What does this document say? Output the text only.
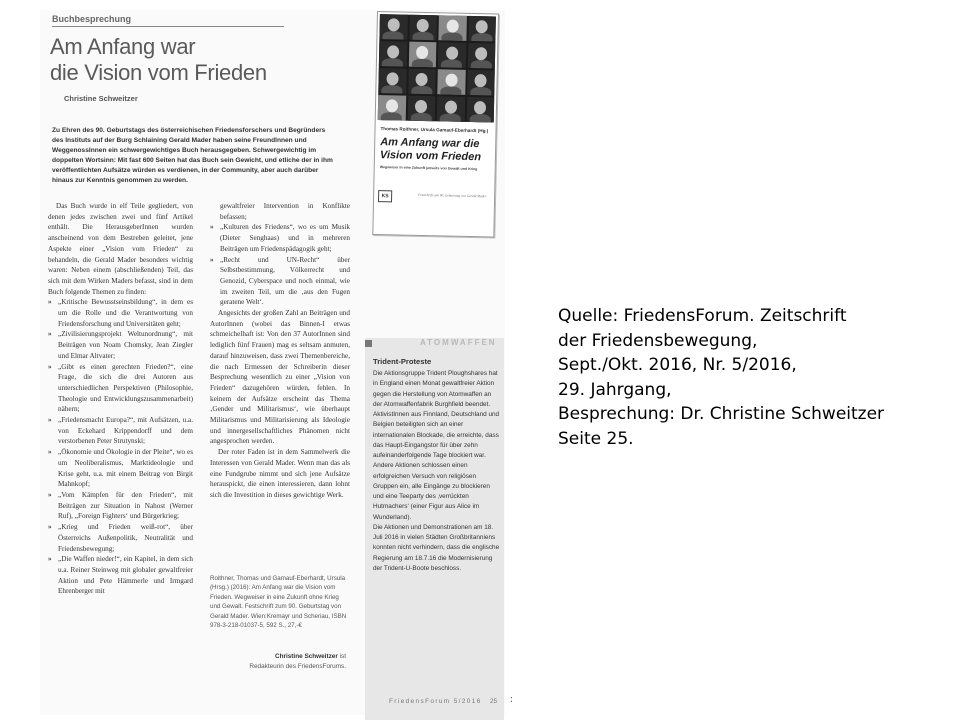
Buchbesprechung
Am Anfang war
die Vision vom Frieden
Christine Schweitzer
Zu Ehren des 90. Geburtstags des österreichischen Friedensforschers und Begründers des Instituts auf der Burg Schlaining Gerald Mader haben seine FreundInnen und WeggenossInnen ein schwergewichtiges Buch herausgegeben. Schwergewichtig im doppelten Wortsinn: Mit fast 600 Seiten hat das Buch sein Gewicht, und etliche der in ihm veröffentlichten Aufsätze würden es verdienen, in der Community, aber auch darüber hinaus zur Kenntnis genommen zu werden.

Das Buch wurde in elf Teile gegliedert, von denen jedes zwischen zwei und fünf Artikel enthält. Die HerausgeberInnen wurden anscheinend von dem Bestreben geleitet, jene Aspekte einer „Vision vom Frieden“ zu behandeln, die Gerald Mader besonders wichtig waren: Neben einem (abschließenden) Teil, das sich mit dem Wirken Maders befasst, sind in dem Buch folgende Themen zu finden:

» „Kritische Bewusstseinsbildung“, in dem es um die Rolle und die Verantwortung von Friedensforschung und Universitäten geht;
» „Zivilisierungsprojekt Weltunordnung“, mit Beiträgen von Noam Chomsky, Jean Ziegler und Elmar Altvater;
» „Gibt es einen gerechten Frieden?“, eine Frage, die sich die drei Autoren aus unterschiedlichen Perspektiven (Philosophie, Theologie und Entwicklungszusammenarbeit) nähern;
» „Friedensmacht Europa?“, mit Aufsätzen, u.a. von Eckehard Krippendorff und dem verstorbenen Peter Strutynski;
» „Ökonomie und Ökologie in der Pleite“, wo es um Neoliberalismus, Marktideologie und Krise geht, u.a. mit einem Beitrag von Birgit Mahnkopf;
» „Vom Kämpfen für den Frieden“, mit Beiträgen zur Situation in Nahost (Werner Ruf), „Foreign Fighters‘ und Bürgerkrieg;
» „Krieg und Frieden weiß-rot“, über Österreichs Außenpolitik, Neutralität und Friedensbewegung;
» „Die Waffen nieder!“, ein Kapitel, in dem sich u.a. Reiner Steinweg mit globaler gewaltfreier Aktion und Pete Hämmerle und Irmgard Ehrenberger mit
gewaltfreier Intervention in Konflikte befassen;
» „Kulturen des Friedens“, wo es um Musik (Dieter Senghaas) und in mehreren Beiträgen um Friedenspädagogik geht;
» „Recht und UN-Recht“ über Selbstbestimmung, Völkerrecht und Genozid, Cyberspace und noch einmal, wie im zweiten Teil, um die ‚aus den Fugen geratene Welt‘.

Angesichts der großen Zahl an Beiträgen und AutorInnen (wobei das Binnen-I etwas schmeichelhaft ist: Von den 37 AutorInnen sind lediglich fünf Frauen) mag es seltsam anmuten, darauf hinzuweisen, dass zwei Themenbereiche, die nach Ermessen der Schreiberin dieser Besprechung wesentlich zu einer „Vision von Frieden“ dazugehören würden, fehlen. In keinem der Aufsätze erscheint das Thema ‚Gender und Militarismus‘, wie überhaupt Militarismus und Militarisierung als Ideologie und innergesellschaftliches Phänomen nicht angesprochen werden.

Der roter Faden ist in dem Sammelwerk die Interessen von Gerald Mader. Wenn man das als eine Fundgrube nimmt und sich jene Aufsätze herauspickt, die einen interessieren, dann lohnt sich die Investition in dieses gewichtige Werk.

Roithner, Thomas und Gamauf-Eberhardt, Ursula (Hrsg.) (2016): Am Anfang war die Vision vom Frieden. Wegweiser in eine Zukunft ohne Krieg und Gewalt. Festschrift zum 90. Geburtstag von Gerald Mader. Wien:Kremayr und Scheriau, ISBN 978-3-218-01037-5, 592 S., 27,-€
Christine Schweitzer ist
Redakteurin des FriedensForums.
Thomas Roithner, Ursula Gamauf-Eberhardt (Hg.)
Am Anfang war die
Vision vom Frieden
Wegweiser in eine Zukunft jenseits von Gewalt und Krieg
KS	Festschrift zum 90. Geburtstag von Gerald Mader
ATOMWAFFEN
Trident-Proteste

Die Aktionsgruppe Trident Ploughshares hat in England einen Monat gewaltfreier Aktion gegen die Herstellung von Atomwaffen an der Atomwaffenfabrik Burghfield beendet. AktivistInnen aus Finnland, Deutschland und Belgien beteiligten sich an einer internationalen Blockade, die erreichte, dass das Haupt-Eingangstor für über zehn aufeinanderfolgende Tage blockiert war. Andere Aktionen schlossen einen erfolgreichen Versuch von religiösen Gruppen ein, alle Eingänge zu blockieren und eine Teeparty des ‚verrückten Hutmachers‘ (einer Figur aus Alice im Wunderland).

Die Aktionen und Demonstrationen am 18. Juli 2016 in vielen Städten Großbritanniens konnten nicht verhindern, dass die englische Regierung am 18.7.16 die Modernisierung der Trident-U-Boote beschloss.

FriedensForum 5/2016 25 :
Quelle: FriedensForum. Zeitschrift
der Friedensbewegung,
Sept./Okt. 2016, Nr. 5/2016,
29. Jahrgang,
Besprechung: Dr. Christine Schweitzer
Seite 25.
